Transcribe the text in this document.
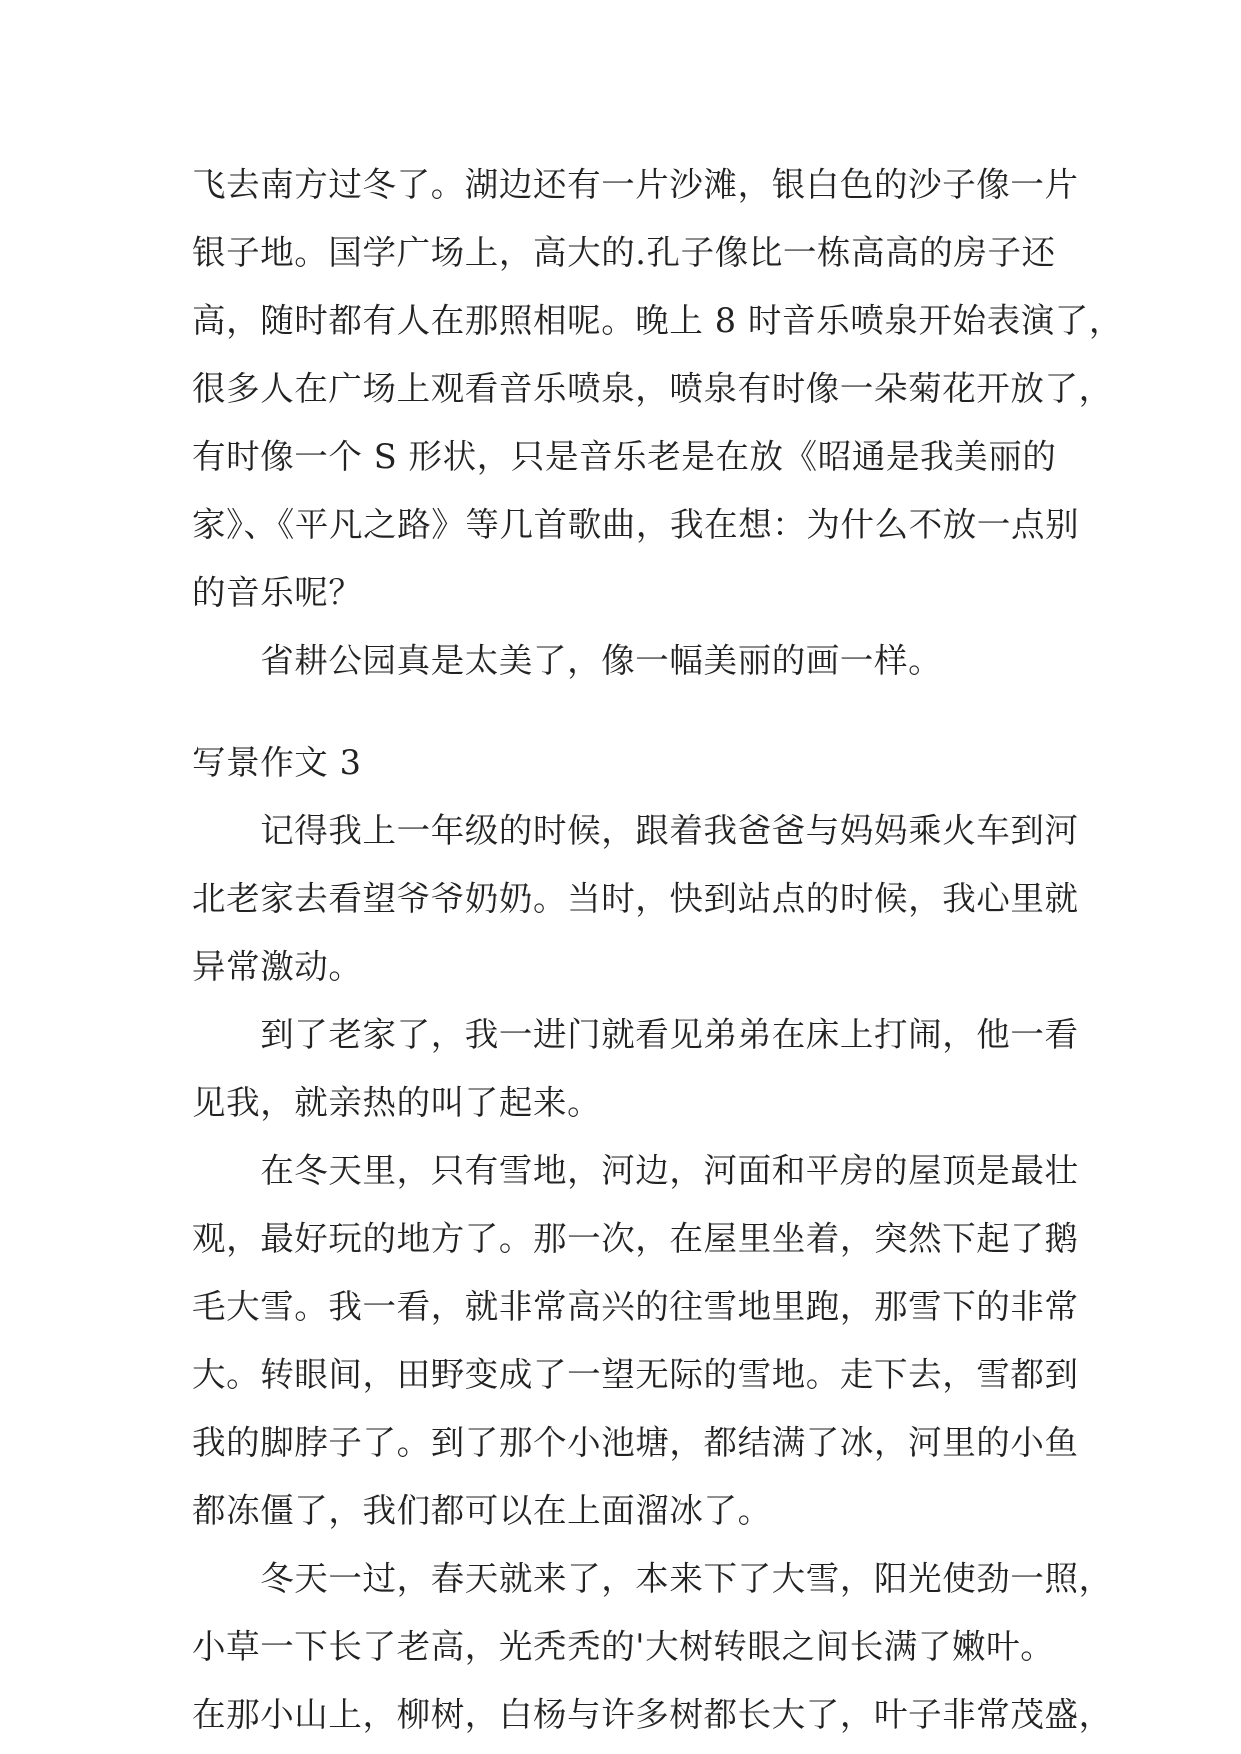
飞去南方过冬了。湖边还有一片沙滩，银白色的沙子像一片
银子地。国学广场上，高大的.孔子像比一栋高高的房子还
高，随时都有人在那照相呢。晚上 8 时音乐喷泉开始表演了，
很多人在广场上观看音乐喷泉，喷泉有时像一朵菊花开放了，
有时像一个 S 形状，只是音乐老是在放《昭通是我美丽的
家》、《平凡之路》等几首歌曲，我在想：为什么不放一点别
的音乐呢？
　　省耕公园真是太美了，像一幅美丽的画一样。
写景作文 3
　　记得我上一年级的时候，跟着我爸爸与妈妈乘火车到河
北老家去看望爷爷奶奶。当时，快到站点的时候，我心里就
异常激动。
　　到了老家了，我一进门就看见弟弟在床上打闹，他一看
见我，就亲热的叫了起来。
　　在冬天里，只有雪地，河边，河面和平房的屋顶是最壮
观，最好玩的地方了。那一次，在屋里坐着，突然下起了鹅
毛大雪。我一看，就非常高兴的往雪地里跑，那雪下的非常
大。转眼间，田野变成了一望无际的雪地。走下去，雪都到
我的脚脖子了。到了那个小池塘，都结满了冰，河里的小鱼
都冻僵了，我们都可以在上面溜冰了。
　　冬天一过，春天就来了，本来下了大雪，阳光使劲一照，
小草一下长了老高，光秃秃的'大树转眼之间长满了嫩叶。
在那小山上，柳树，白杨与许多树都长大了，叶子非常茂盛，
